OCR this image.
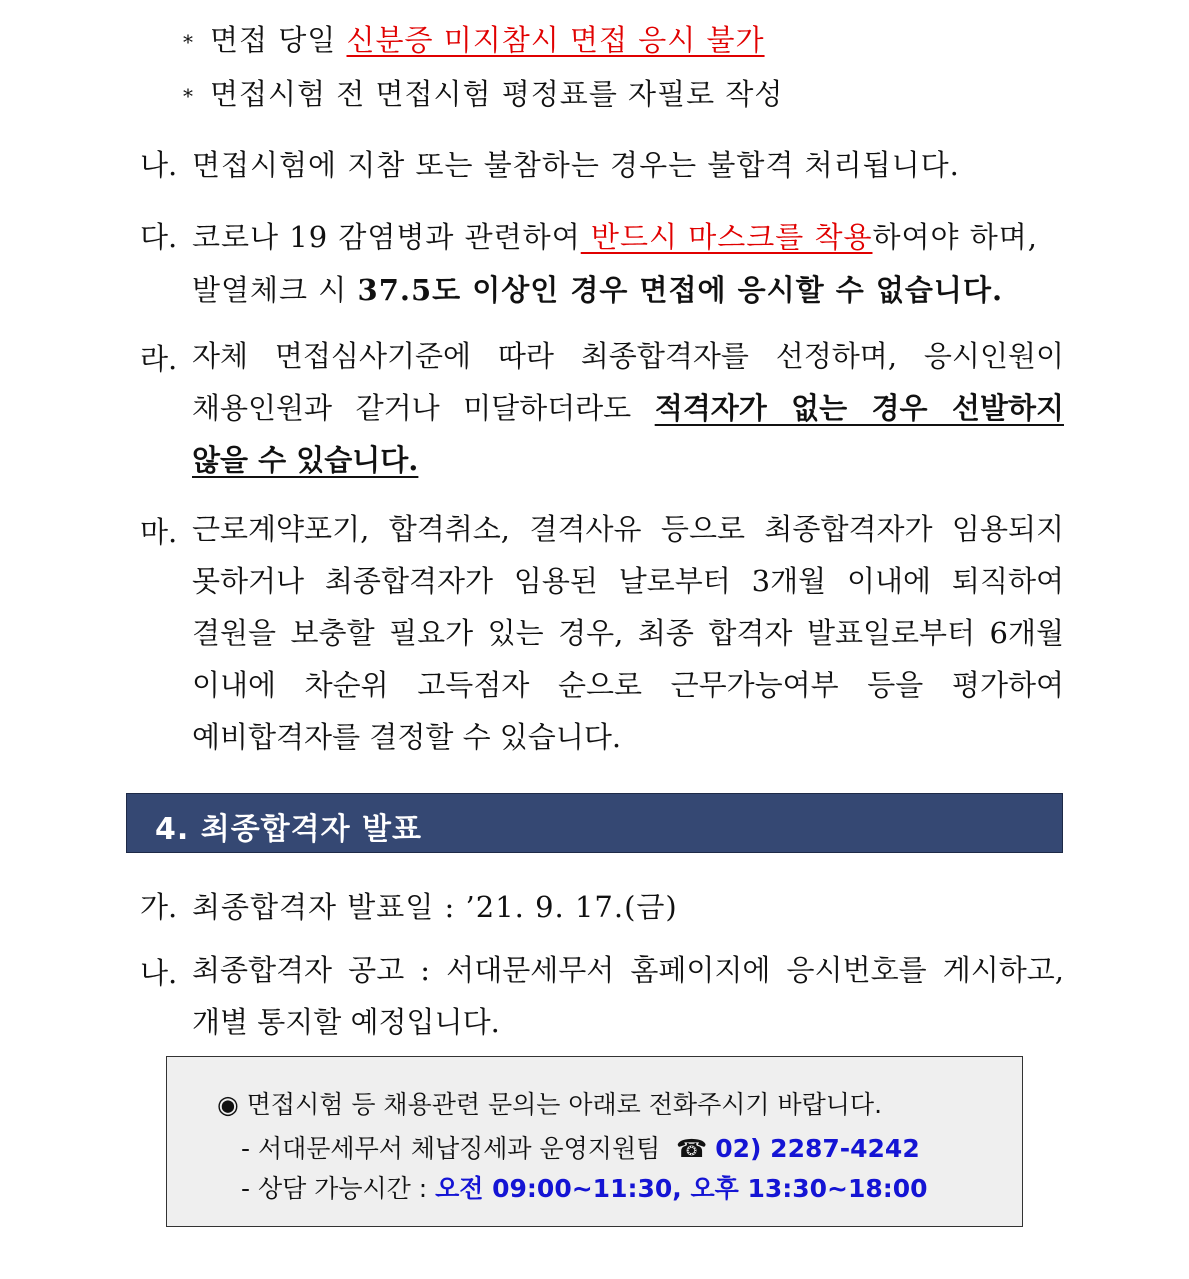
* 면접 당일 신분증 미지참시 면접 응시 불가
* 면접시험 전 면접시험 평정표를 자필로 작성
나. 면접시험에 지참 또는 불참하는 경우는 불합격 처리됩니다.
다. 코로나 19 감염병과 관련하여 반드시 마스크를 착용하여야 하며,
발열체크 시 37.5도 이상인 경우 면접에 응시할 수 없습니다.
라. 자체 면접심사기준에 따라 최종합격자를 선정하며, 응시인원이
채용인원과 같거나 미달하더라도 적격자가 없는 경우 선발하지
않을 수 있습니다.
마. 근로계약포기, 합격취소, 결격사유 등으로 최종합격자가 임용되지
못하거나 최종합격자가 임용된 날로부터 3개월 이내에 퇴직하여
결원을 보충할 필요가 있는 경우, 최종 합격자 발표일로부터 6개월
이내에 차순위 고득점자 순으로 근무가능여부 등을 평가하여
예비합격자를 결정할 수 있습니다.
4. 최종합격자 발표
가. 최종합격자 발표일 : ’21. 9. 17.(금)
나. 최종합격자 공고 : 서대문세무서 홈페이지에 응시번호를 게시하고,
개별 통지할 예정입니다.
◉ 면접시험 등 채용관련 문의는 아래로 전화주시기 바랍니다.
- 서대문세무서 체납징세과 운영지원팀 ☎ 02) 2287-4242
- 상담 가능시간 : 오전 09:00~11:30, 오후 13:30~18:00
